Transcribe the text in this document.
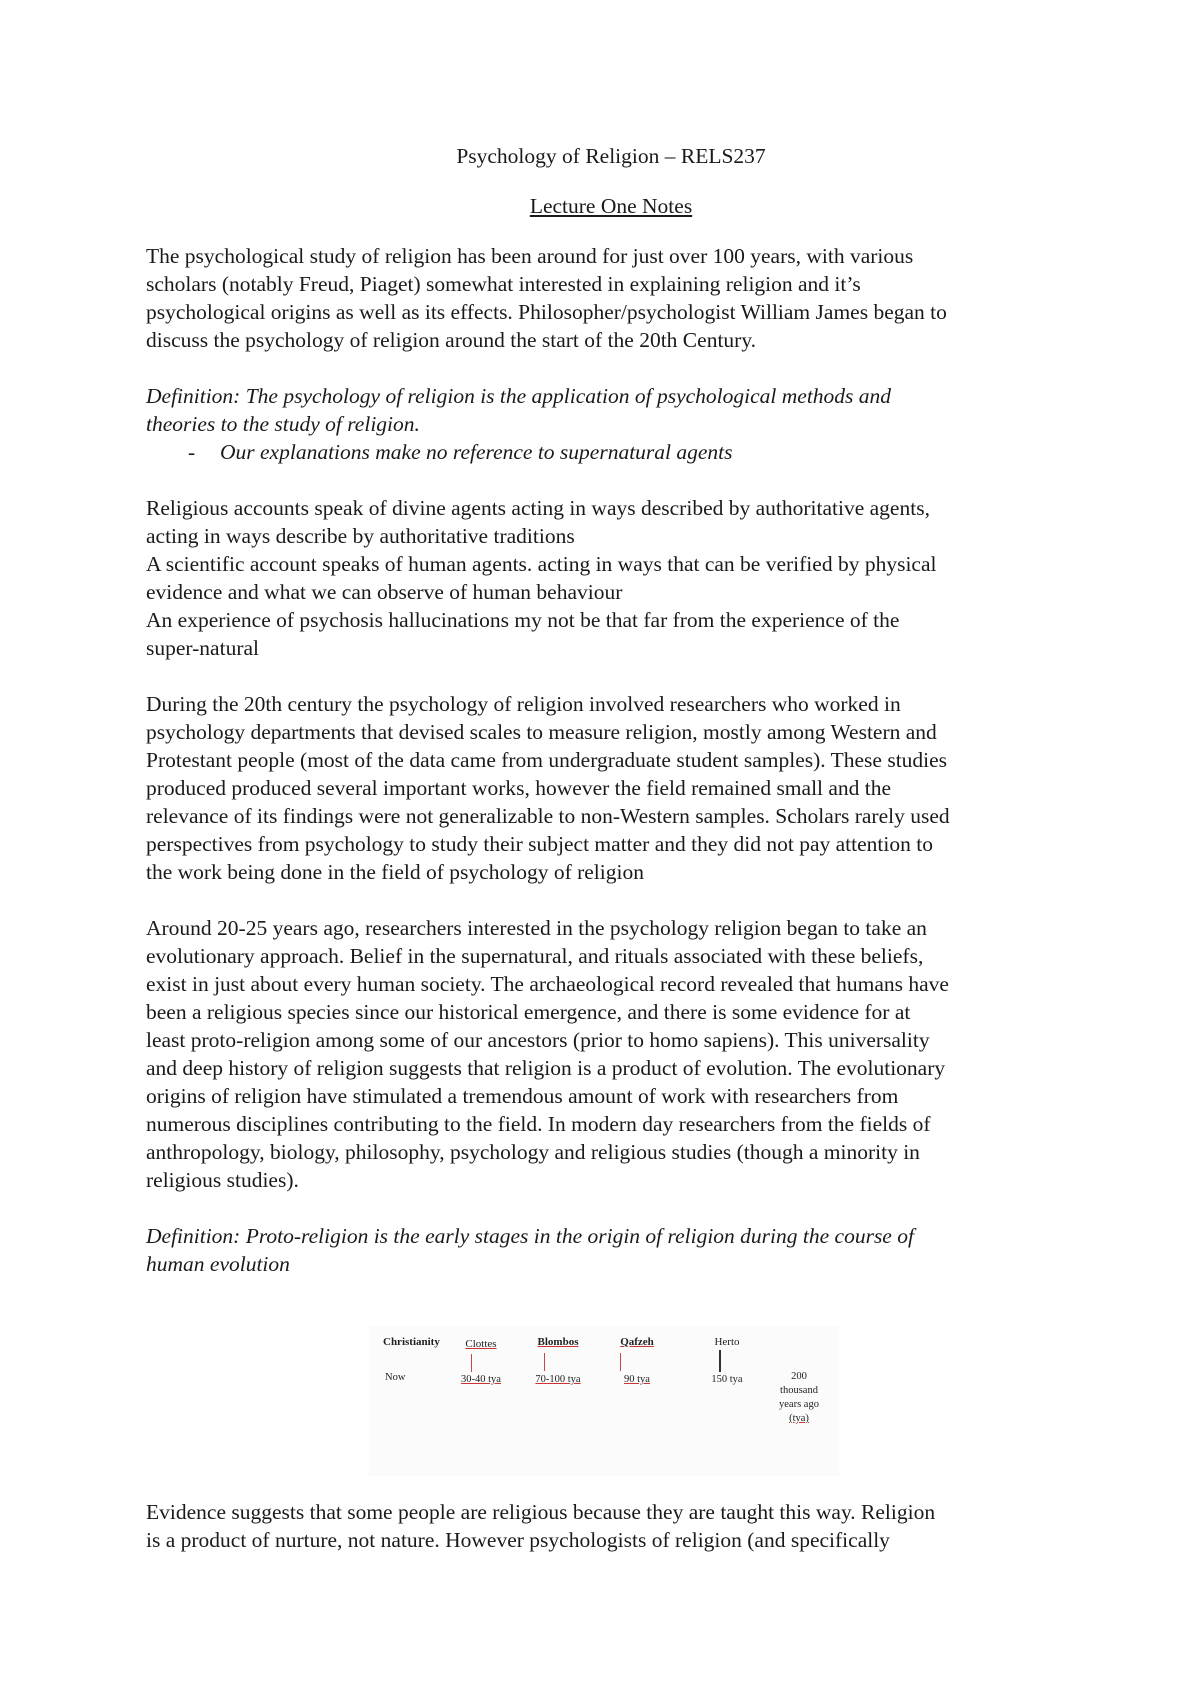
Psychology of Religion – RELS237

Lecture One Notes

The psychological study of religion has been around for just over 100 years, with various
scholars (notably Freud, Piaget) somewhat interested in explaining religion and it’s
psychological origins as well as its effects. Philosopher/psychologist William James began to
discuss the psychology of religion around the start of the 20th Century.

Definition: The psychology of religion is the application of psychological methods and
theories to the study of religion.

- Our explanations make no reference to supernatural agents

Religious accounts speak of divine agents acting in ways described by authoritative agents,
acting in ways describe by authoritative traditions
A scientific account speaks of human agents. acting in ways that can be verified by physical
evidence and what we can observe of human behaviour
An experience of psychosis hallucinations my not be that far from the experience of the
super-natural

During the 20th century the psychology of religion involved researchers who worked in
psychology departments that devised scales to measure religion, mostly among Western and
Protestant people (most of the data came from undergraduate student samples). These studies
produced produced several important works, however the field remained small and the
relevance of its findings were not generalizable to non-Western samples. Scholars rarely used
perspectives from psychology to study their subject matter and they did not pay attention to
the work being done in the field of psychology of religion

Around 20-25 years ago, researchers interested in the psychology religion began to take an
evolutionary approach. Belief in the supernatural, and rituals associated with these beliefs,
exist in just about every human society. The archaeological record revealed that humans have
been a religious species since our historical emergence, and there is some evidence for at
least proto-religion among some of our ancestors (prior to homo sapiens). This universality
and deep history of religion suggests that religion is a product of evolution. The evolutionary
origins of religion have stimulated a tremendous amount of work with researchers from
numerous disciplines contributing to the field. In modern day researchers from the fields of
anthropology, biology, philosophy, psychology and religious studies (though a minority in
religious studies).

Definition: Proto-religion is the early stages in the origin of religion during the course of
human evolution

Christianity
Now
Clottes
30-40 tya
Blombos
70-100 tya
Qafzeh
90 tya
Herto
150 tya	200
thousand
years ago
(tya)

Evidence suggests that some people are religious because they are taught this way. Religion
is a product of nurture, not nature. However psychologists of religion (and specifically
